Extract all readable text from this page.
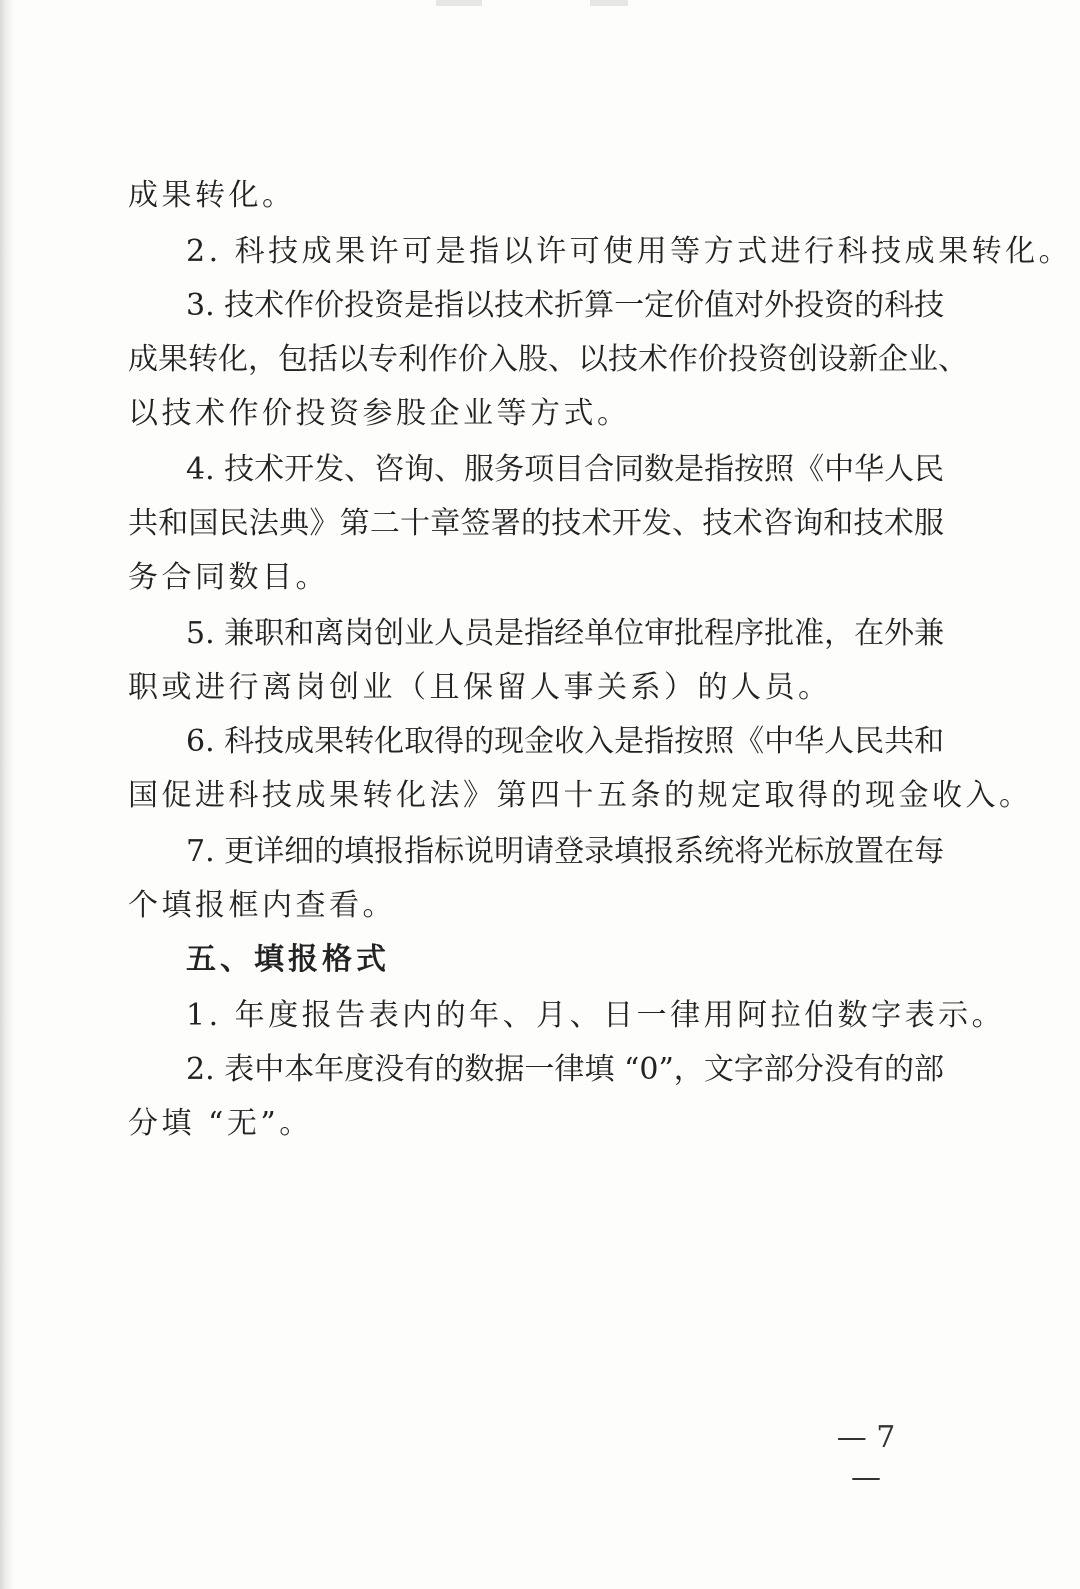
成果转化。
2. 科技成果许可是指以许可使用等方式进行科技成果转化。
3. 技术作价投资是指以技术折算一定价值对外投资的科技
成果转化，包括以专利作价入股、以技术作价投资创设新企业、
以技术作价投资参股企业等方式。
4. 技术开发、咨询、服务项目合同数是指按照《中华人民
共和国民法典》第二十章签署的技术开发、技术咨询和技术服
务合同数目。
5. 兼职和离岗创业人员是指经单位审批程序批准，在外兼
职或进行离岗创业（且保留人事关系）的人员。
6. 科技成果转化取得的现金收入是指按照《中华人民共和
国促进科技成果转化法》第四十五条的规定取得的现金收入。
7. 更详细的填报指标说明请登录填报系统将光标放置在每
个填报框内查看。
五、填报格式
1. 年度报告表内的年、月、日一律用阿拉伯数字表示。
2. 表中本年度没有的数据一律填 “0”，文字部分没有的部
分填 “无”。
— 7 —
